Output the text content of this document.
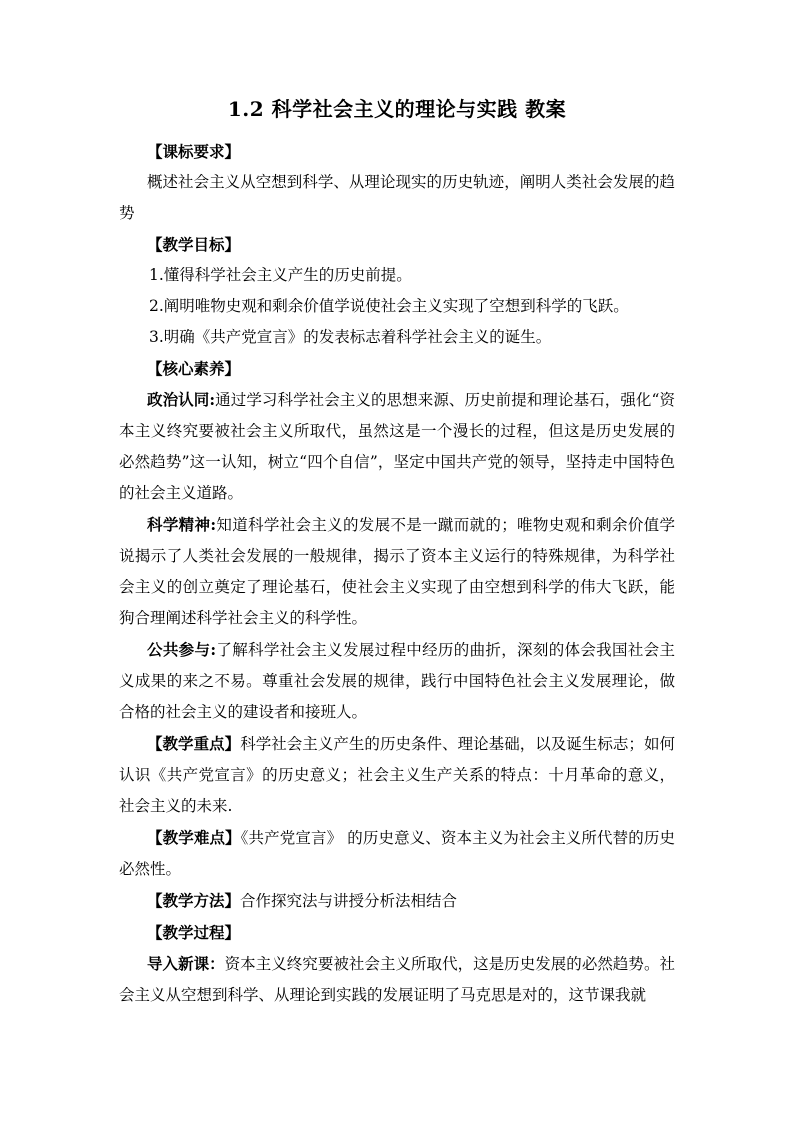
1.2 科学社会主义的理论与实践 教案

【课标要求】

概述社会主义从空想到科学、从理论现实的历史轨迹，阐明人类社会发展的趋势

【教学目标】

1.懂得科学社会主义产生的历史前提。

2.阐明唯物史观和剩余价值学说使社会主义实现了空想到科学的飞跃。

3.明确《共产党宣言》的发表标志着科学社会主义的诞生。

【核心素养】

政治认同:通过学习科学社会主义的思想来源、历史前提和理论基石，强化“资本主义终究要被社会主义所取代，虽然这是一个漫长的过程，但这是历史发展的必然趋势”这一认知，树立“四个自信”，坚定中国共产党的领导，坚持走中国特色的社会主义道路。

科学精神:知道科学社会主义的发展不是一蹴而就的；唯物史观和剩余价值学说揭示了人类社会发展的一般规律，揭示了资本主义运行的特殊规律，为科学社会主义的创立奠定了理论基石，使社会主义实现了由空想到科学的伟大飞跃，能狗合理阐述科学社会主义的科学性。

公共参与:了解科学社会主义发展过程中经历的曲折，深刻的体会我国社会主义成果的来之不易。尊重社会发展的规律，践行中国特色社会主义发展理论，做合格的社会主义的建设者和接班人。

【教学重点】科学社会主义产生的历史条件、理论基础，以及诞生标志；如何认识《共产党宣言》的历史意义；社会主义生产关系的特点：十月革命的意义，社会主义的未来.

【教学难点】《共产党宣言》 的历史意义、资本主义为社会主义所代替的历史必然性。

【教学方法】合作探究法与讲授分析法相结合

【教学过程】

导入新课：资本主义终究要被社会主义所取代，这是历史发展的必然趋势。社会主义从空想到科学、从理论到实践的发展证明了马克思是对的，这节课我就
